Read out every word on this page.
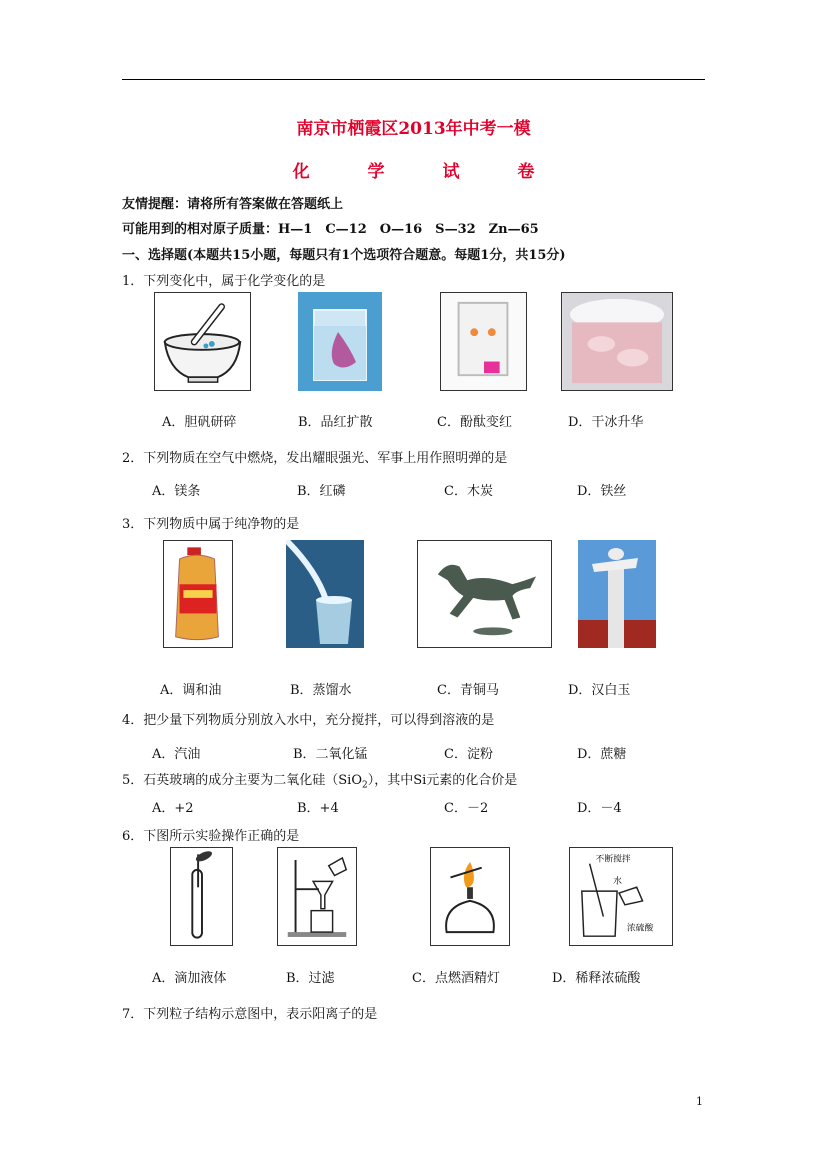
南京市栖霞区2013年中考一模
化 学 试 卷
友情提醒：请将所有答案做在答题纸上
可能用到的相对原子质量：H—1　C—12　O—16　S—32　Zn—65
一、选择题(本题共15小题，每题只有1个选项符合题意。每题1分，共15分)
1．下列变化中，属于化学变化的是
A．胆矾研碎	B．品红扩散	C．酚酞变红	D．干冰升华
2．下列物质在空气中燃烧，发出耀眼强光、军事上用作照明弹的是
A．镁条	B．红磷	C．木炭	D．铁丝
3．下列物质中属于纯净物的是
A．调和油	B．蒸馏水	C．青铜马	D．汉白玉
4．把少量下列物质分别放入水中，充分搅拌，可以得到溶液的是
A．汽油	B．二氧化锰	C．淀粉	D．蔗糖
5．石英玻璃的成分主要为二氧化硅（SiO$_2$），其中Si元素的化合价是
A．+2	B．+4	C．－2	D．－4
6．下图所示实验操作正确的是
不断搅拌
水
浓硫酸
A．滴加液体	B．过滤	C．点燃酒精灯	D．稀释浓硫酸
7．下列粒子结构示意图中，表示阳离子的是
1
